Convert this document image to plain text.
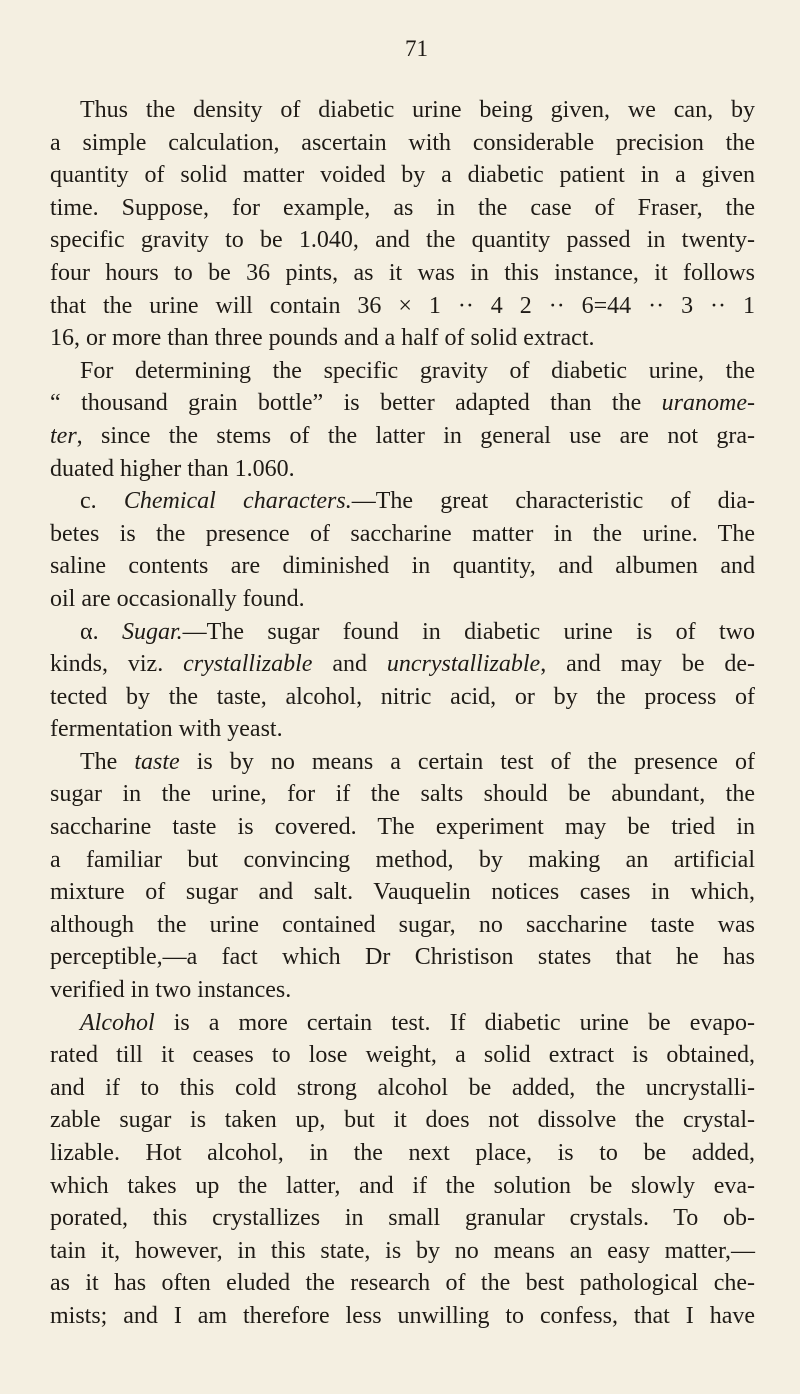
71
Thus the density of diabetic urine being given, we can, by
a simple calculation, ascertain with considerable precision the
quantity of solid matter voided by a diabetic patient in a given
time. Suppose, for example, as in the case of Fraser, the
specific gravity to be 1.040, and the quantity passed in twenty-
four hours to be 36 pints, as it was in this instance, it follows
that the urine will contain 36 × 1 ·· 4 2 ·· 6=44 ·· 3 ·· 1
16, or more than three pounds and a half of solid extract.
For determining the specific gravity of diabetic urine, the
“ thousand grain bottle” is better adapted than the uranome-
ter, since the stems of the latter in general use are not gra-
duated higher than 1.060.
c. Chemical characters.—The great characteristic of dia-
betes is the presence of saccharine matter in the urine. The
saline contents are diminished in quantity, and albumen and
oil are occasionally found.
α. Sugar.—The sugar found in diabetic urine is of two
kinds, viz. crystallizable and uncrystallizable, and may be de-
tected by the taste, alcohol, nitric acid, or by the process of
fermentation with yeast.
The taste is by no means a certain test of the presence of
sugar in the urine, for if the salts should be abundant, the
saccharine taste is covered. The experiment may be tried in
a familiar but convincing method, by making an artificial
mixture of sugar and salt. Vauquelin notices cases in which,
although the urine contained sugar, no saccharine taste was
perceptible,—a fact which Dr Christison states that he has
verified in two instances.
Alcohol is a more certain test. If diabetic urine be evapo-
rated till it ceases to lose weight, a solid extract is obtained,
and if to this cold strong alcohol be added, the uncrystalli-
zable sugar is taken up, but it does not dissolve the crystal-
lizable. Hot alcohol, in the next place, is to be added,
which takes up the latter, and if the solution be slowly eva-
porated, this crystallizes in small granular crystals. To ob-
tain it, however, in this state, is by no means an easy matter,—
as it has often eluded the research of the best pathological che-
mists; and I am therefore less unwilling to confess, that I have
